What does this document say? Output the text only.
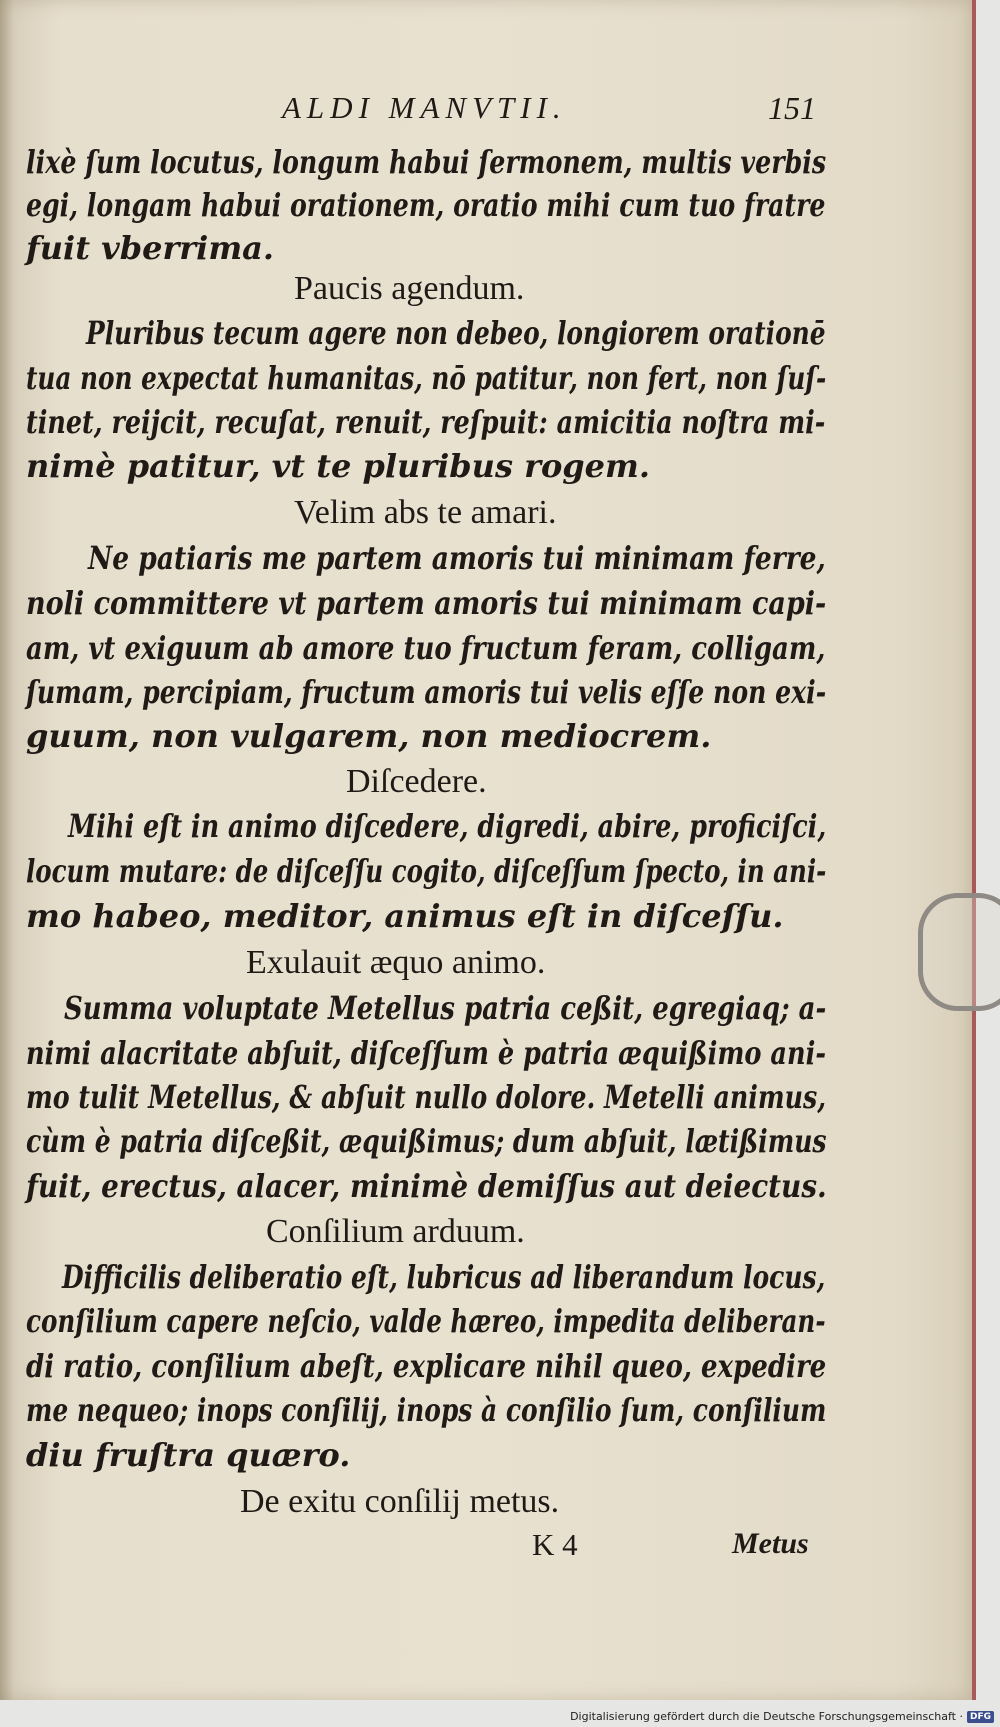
ALDI MANVTII.	151
lixè ſum locutus, longum habui ſermonem, multis verbis
egi, longam habui orationem, oratio mihi cum tuo fratre
fuit vberrima.
Paucis agendum.
Pluribus tecum agere non debeo, longiorem orationē
tua non expectat humanitas, nō patitur, non fert, non ſuſ-
tinet, reijcit, recuſat, renuit, reſpuit: amicitia noſtra mi-
nimè patitur, vt te pluribus rogem.
Velim abs te amari.
Ne patiaris me partem amoris tui minimam ferre,
noli committere vt partem amoris tui minimam capi-
am, vt exiguum ab amore tuo fructum feram, colligam,
ſumam, percipiam, fructum amoris tui velis eſſe non exi-
guum, non vulgarem, non mediocrem.
Diſcedere.
Mihi eſt in animo diſcedere, digredi, abire, proficiſci,
locum mutare: de diſceſſu cogito, diſceſſum ſpecto, in ani-
mo habeo, meditor, animus eſt in diſceſſu.
Exulauit æquo animo.
Summa voluptate Metellus patria ceßit, egregiaq; a-
nimi alacritate abſuit, diſceſſum è patria æquißimo ani-
mo tulit Metellus, & abſuit nullo dolore. Metelli animus,
cùm è patria diſceßit, æquißimus; dum abſuit, lætißimus
fuit, erectus, alacer, minimè demiſſus aut deiectus.
Conſilium arduum.
Difficilis deliberatio eſt, lubricus ad liberandum locus,
conſilium capere neſcio, valde hæreo, impedita deliberan-
di ratio, conſilium abeſt, explicare nihil queo, expedire
me nequeo; inops conſilij, inops à conſilio ſum, conſilium
diu fruſtra quæro.
De exitu conſilij metus.
K 4	Metus
Digitalisierung gefördert durch die Deutsche Forschungsgemeinschaft · DFG
